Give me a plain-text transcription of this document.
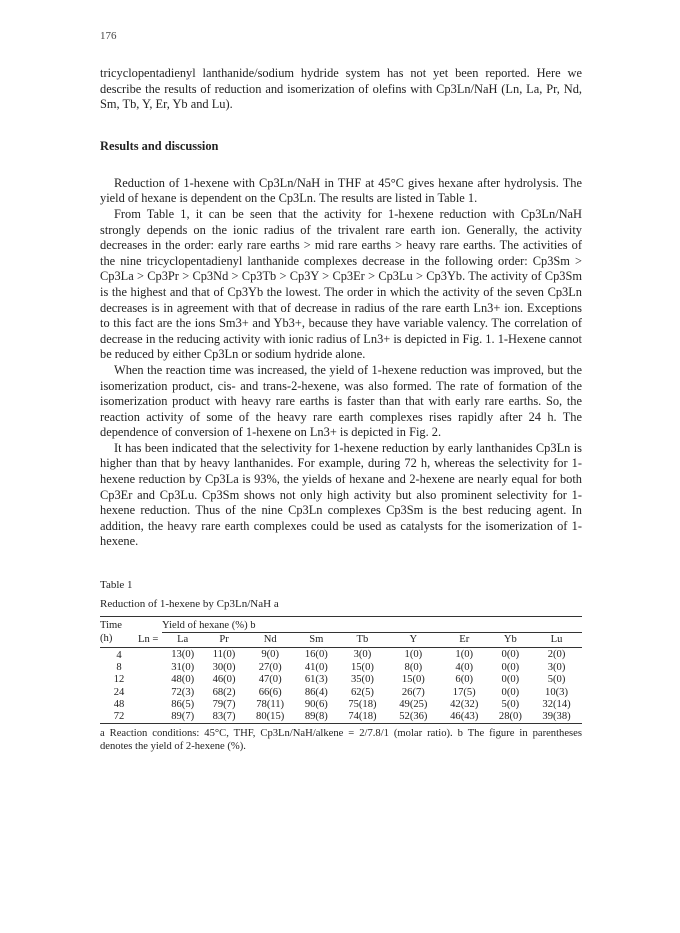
176

tricyclopentadienyl lanthanide/sodium hydride system has not yet been reported. Here we describe the results of reduction and isomerization of olefins with Cp3Ln/NaH (Ln, La, Pr, Nd, Sm, Tb, Y, Er, Yb and Lu).

Results and discussion

Reduction of 1-hexene with Cp3Ln/NaH in THF at 45°C gives hexane after hydrolysis. The yield of hexane is dependent on the Cp3Ln. The results are listed in Table 1.

From Table 1, it can be seen that the activity for 1-hexene reduction with Cp3Ln/NaH strongly depends on the ionic radius of the trivalent rare earth ion. Generally, the activity decreases in the order: early rare earths > mid rare earths > heavy rare earths. The activities of the nine tricyclopentadienyl lanthanide complexes decrease in the following order: Cp3Sm > Cp3La > Cp3Pr > Cp3Nd > Cp3Tb > Cp3Y > Cp3Er > Cp3Lu > Cp3Yb. The activity of Cp3Sm is the highest and that of Cp3Yb the lowest. The order in which the activity of the seven Cp3Ln decreases is in agreement with that of decrease in radius of the rare earth Ln3+ ion. Exceptions to this fact are the ions Sm3+ and Yb3+, because they have variable valency. The correlation of decrease in the reducing activity with ionic radius of Ln3+ is depicted in Fig. 1. 1-Hexene cannot be reduced by either Cp3Ln or sodium hydride alone.

When the reaction time was increased, the yield of 1-hexene reduction was improved, but the isomerization product, cis- and trans-2-hexene, was also formed. The rate of formation of the isomerization product with heavy rare earths is faster than that with early rare earths. So, the reaction activity of some of the heavy rare earth complexes rises rapidly after 24 h. The dependence of conversion of 1-hexene on Ln3+ is depicted in Fig. 2.

It has been indicated that the selectivity for 1-hexene reduction by early lanthanides Cp3Ln is higher than that by heavy lanthanides. For example, during 72 h, whereas the selectivity for 1-hexene reduction by Cp3La is 93%, the yields of hexane and 2-hexene are nearly equal for both Cp3Er and Cp3Lu. Cp3Sm shows not only high activity but also prominent selectivity for 1-hexene reduction. Thus of the nine Cp3Ln complexes Cp3Sm is the best reducing agent. In addition, the heavy rare earth complexes could be used as catalysts for the isomerization of 1-hexene.

Table 1
Reduction of 1-hexene by Cp3Ln/NaH a
Time		Yield of hexane (%) b								
(h)	Ln =	La	Pr	Nd	Sm	Tb	Y	Er	Yb	Lu
4		13(0)	11(0)	9(0)	16(0)	3(0)	1(0)	1(0)	0(0)	2(0)
8		31(0)	30(0)	27(0)	41(0)	15(0)	8(0)	4(0)	0(0)	3(0)
12		48(0)	46(0)	47(0)	61(3)	35(0)	15(0)	6(0)	0(0)	5(0)
24		72(3)	68(2)	66(6)	86(4)	62(5)	26(7)	17(5)	0(0)	10(3)
48		86(5)	79(7)	78(11)	90(6)	75(18)	49(25)	42(32)	5(0)	32(14)
72		89(7)	83(7)	80(15)	89(8)	74(18)	52(36)	46(43)	28(0)	39(38)
a Reaction conditions: 45°C, THF, Cp3Ln/NaH/alkene = 2/7.8/1 (molar ratio). b The figure in parentheses denotes the yield of 2-hexene (%).
